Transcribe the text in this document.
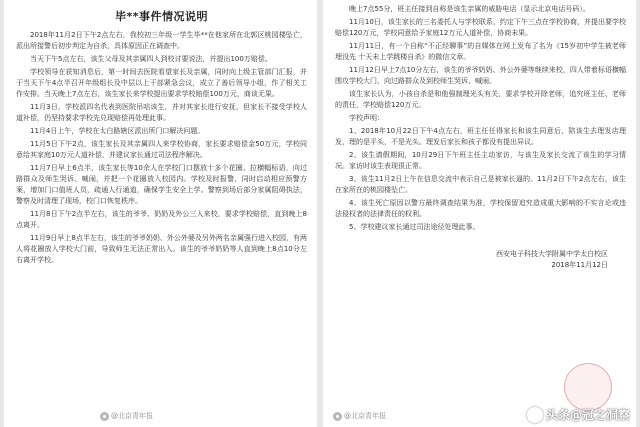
毕**事件情况说明

2018年11月2日下午2点左右，我校初三年级一学生毕**在他家所在北郭区桃园楼坠亡，派出所接警后初步判定为自杀，具体原因正在调查中。

当天下午5点左右，该生父母及其亲属四人到校讨要说法，并提出100万赔偿。

学校领导在获知消息后，第一时间去医院看望家长及亲属，同时向上级主管部门汇报，并于当天下午4点半召开年级组长及中层以上干部紧急会议，成立了善后领导小组，作了相关工作安排。当天晚上7点左右，该生家长来学校提出要求学校赔偿100万元，商谈无果。

11月3日，学校派四名代表到医院吊唁该生，并对其家长进行安抚，但家长不接受学校人道补偿，仍坚持要求学校先兑现赔偿再处理此事。

11月4日上午，学校在太白路辖区派出所门口解决问题。

11月5日下午2点，该生家长及其亲属四人来学校协商，家长要求赔偿金50万元，学校同意给其家庭10万元人道补偿，并建议家长通过司法程序解决。

11月7日早上6点半，该生家长等10余人在学校门口摆放十多个花圈、拉横幅标语，向过路群众及师生哭诉、喊闹，并把一个花圈放入校园内。学校及时报警，同时启动相应预警方案，增加门口值班人员，疏通人行通道，确保学生安全上学。警察到场后部分家属阻碍执法，警察及时清理了现场，校门口恢复秩序。

11月8日下午2点半左右，该生的爷爷、奶奶及外公三人来校，要求学校赔偿，直到晚上8点离开。

11月9日早上8点半左右，该生的爷爷奶奶、外公外婆及另外两名亲属强行进入校园，有两人将花圈放入学校大门前，导致师生无法正常出入。该生的爷爷奶奶等人直到晚上8点10分左右离开学校。

@北京青年报

晚上7点55分，班主任接到自称是该生亲属的威胁电话（显示北京电话号码）。

11月10日，该生家长的三名委托人与学校联系，约定下午三点在学校协商，并提出要学校赔偿120万元，学校同意给予家庭12万元人道补偿，协商未果。

11月11日，有一个自称“不正经聊事”的自媒体在网上发布了名为《15岁初中学生被老师埋没先 十天未上学跳楼自杀》的微信文章。

11月12日早上7点10分左右，该生的爷爷奶奶、外公外婆等继续来校，四人带着标语横幅围攻学校大门，向过路群众及到校师生哭诉、喊闹。

该生家长认为，小孩自杀是和他强制理光头有关，要求学校开除老师，追究班主任、老师的责任，学校赔偿120万元。

学校声明：

1、2018年10月22日下午4点左右，班主任任得家长和该生同意后，陪该生去理发店理发，理的是平头，不是光头。理发后家长和孩子都没有提出异议。

2、该生请假期间，10月29日下午班主任主动家访，与该生及家长交流了该生的学习情况。家访时该生表现很正常。

3、该生11月2日上午在信息交流中表示自己是被家长逼的。11月2日下午2点左右，该生在家所在的桃园楼坠亡。

4、该生死亡原因以警方最终调查结果为准，学校保留追究造成重大影响的不实言论或违法侵权者的法律责任的权利。

5、学校建议家长通过司法途径处理此事。

西安电子科技大学附属中学太白校区
2018年11月12日
@北京青年报	头条@冠之洞察
